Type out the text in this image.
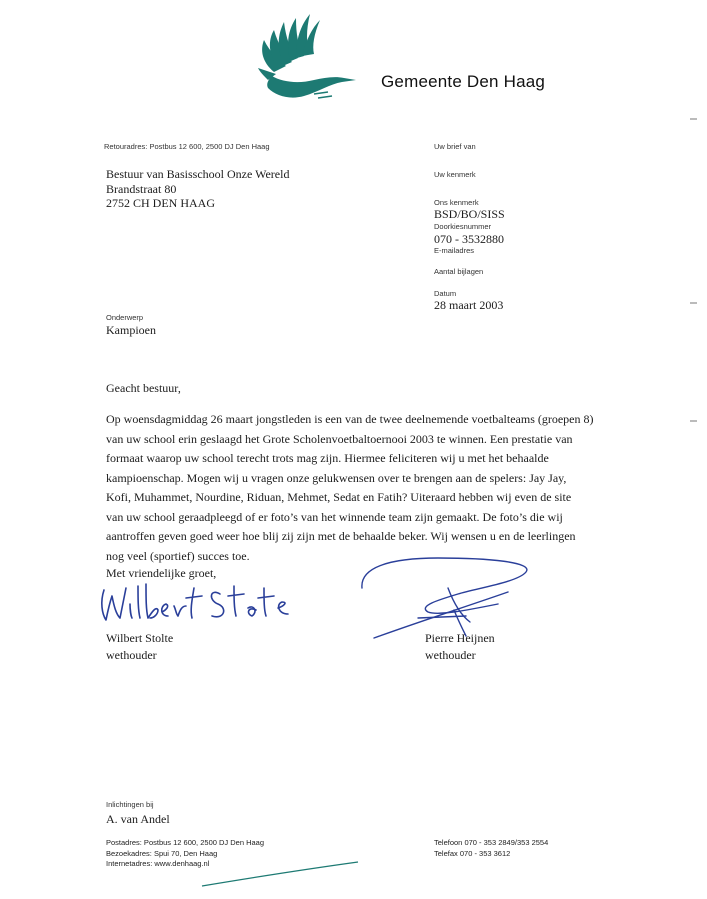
Gemeente Den Haag
Retouradres: Postbus 12 600, 2500 DJ Den Haag
Bestuur van Basisschool Onze Wereld
Brandstraat 80
2752 CH DEN HAAG
Uw brief van
Uw kenmerk
Ons kenmerk
BSD/BO/SISS
Doorkiesnummer
070 - 3532880
E-mailadres
Aantal bijlagen
Datum
28 maart 2003
Onderwerp
Kampioen
Geacht bestuur,

Op woensdagmiddag 26 maart jongstleden is een van de twee deelnemende voetbalteams (groepen 8)

van uw school erin geslaagd het Grote Scholenvoetbaltoernooi 2003 te winnen. Een prestatie van

formaat waarop uw school terecht trots mag zijn. Hiermee feliciteren wij u met het behaalde

kampioenschap. Mogen wij u vragen onze gelukwensen over te brengen aan de spelers: Jay Jay,

Kofi, Muhammet, Nourdine, Riduan, Mehmet, Sedat en Fatih? Uiteraard hebben wij even de site

van uw school geraadpleegd of er foto’s van het winnende team zijn gemaakt. De foto’s die wij

aantroffen geven goed weer hoe blij zij zijn met de behaalde beker. Wij wensen u en de leerlingen

nog veel (sportief) succes toe.

Met vriendelijke groet,
Wilbert Stolte
wethouder
Pierre Heijnen
wethouder
Inlichtingen bij
A. van Andel
Postadres: Postbus 12 600, 2500 DJ Den Haag
Bezoekadres: Spui 70, Den Haag
Internetadres: www.denhaag.nl
Telefoon 070 - 353 2849/353 2554
Telefax 070 - 353 3612
